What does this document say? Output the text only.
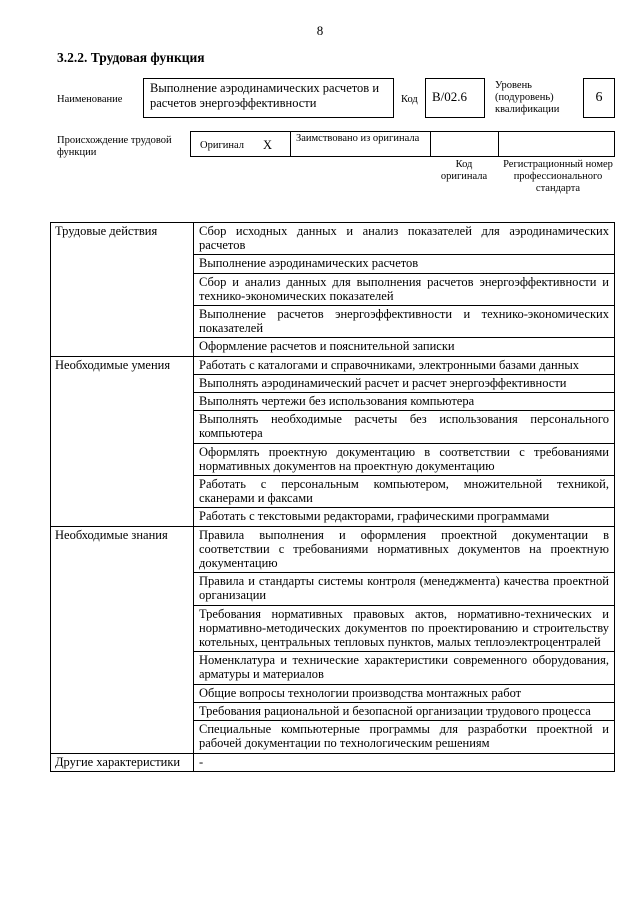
8
3.2.2. Трудовая функция
Наименование
Выполнение аэродинамических расчетов и расчетов энергоэффективности	Код	B/02.6
Уровень (подуровень) квалификации
6
Происхождение трудовой функции
Оригинал X Заимствовано из оригинала
Код оригинала
Регистрационный номер профессионального стандарта
Трудовые действия	Сбор исходных данных и анализ показателей для аэродинамических расчетов
	Выполнение аэродинамических расчетов
	Сбор и анализ данных для выполнения расчетов энергоэффективности и технико-экономических показателей
	Выполнение расчетов энергоэффективности и технико-экономических показателей
	Оформление расчетов и пояснительной записки
Необходимые умения	Работать с каталогами и справочниками, электронными базами данных
	Выполнять аэродинамический расчет и расчет энергоэффективности
	Выполнять чертежи без использования компьютера
	Выполнять необходимые расчеты без использования персонального компьютера
	Оформлять проектную документацию в соответствии с требованиями нормативных документов на проектную документацию
	Работать с персональным компьютером, множительной техникой, сканерами и факсами
	Работать с текстовыми редакторами, графическими программами
Необходимые знания	Правила выполнения и оформления проектной документации в соответствии с требованиями нормативных документов на проектную документацию
	Правила и стандарты системы контроля (менеджмента) качества проектной организации
	Требования нормативных правовых актов, нормативно-технических и нормативно-методических документов по проектированию и строительству котельных, центральных тепловых пунктов, малых теплоэлектроцентралей
	Номенклатура и технические характеристики современного оборудования, арматуры и материалов
	Общие вопросы технологии производства монтажных работ
	Требования рациональной и безопасной организации трудового процесса
	Специальные компьютерные программы для разработки проектной и рабочей документации по технологическим решениям
Другие характеристики	-
